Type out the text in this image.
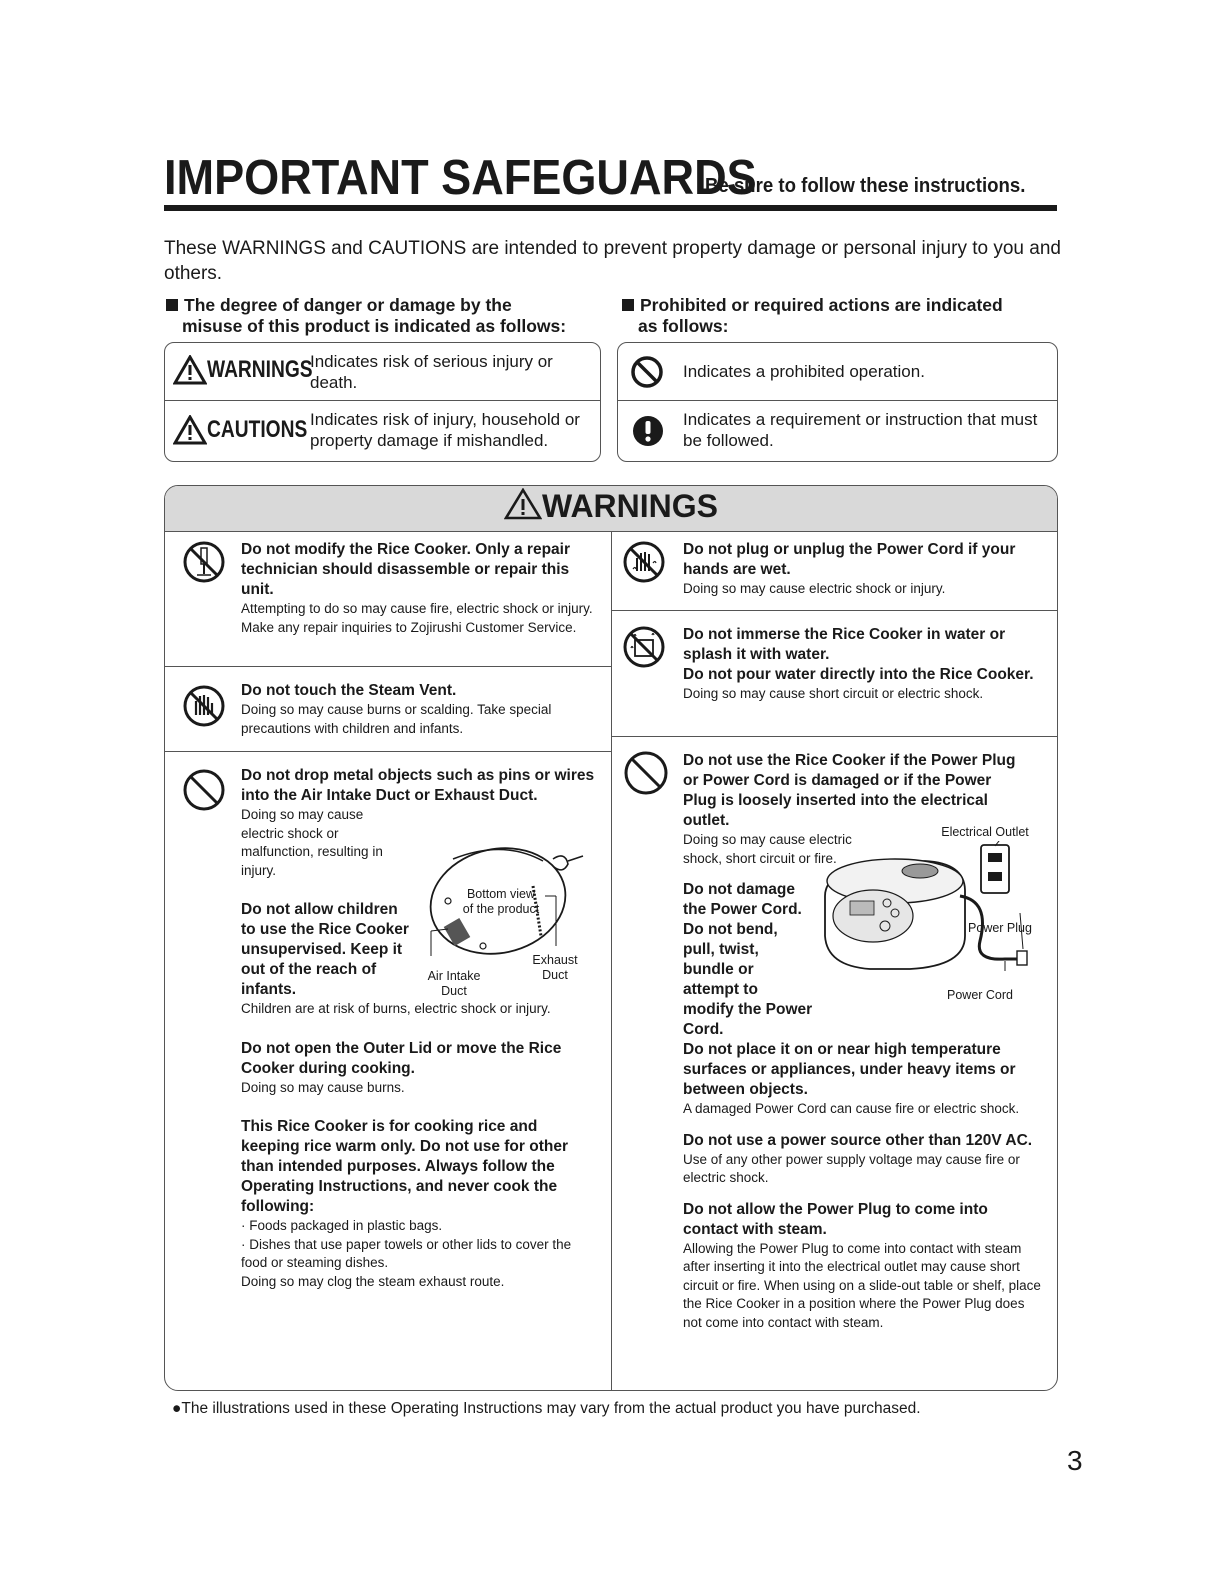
IMPORTANT SAFEGUARDS
Be sure to follow these instructions.
These WARNINGS and CAUTIONS are intended to prevent property damage or personal injury to you and others.
The degree of danger or damage by the
misuse of this product is indicated as follows:
WARNINGS
Indicates risk of serious injury or death.
CAUTIONS Indicates risk of injury, household or property damage if mishandled.
Prohibited or required actions are indicated
as follows:
Indicates a prohibited operation.
Indicates a requirement or instruction that must be followed.
WARNINGS
Do not modify the Rice Cooker. Only a repair technician should disassemble or repair this unit.
Attempting to do so may cause fire, electric shock or injury. Make any repair inquiries to Zojirushi Customer Service.
Do not touch the Steam Vent.
Doing so may cause burns or scalding. Take special precautions with children and infants.
Do not drop metal objects such as pins or wires into the Air Intake Duct or Exhaust Duct.
Doing so may cause electric shock or malfunction, resulting in injury.
Do not allow children to use the Rice Cooker unsupervised. Keep it out of the reach of infants.
Children are at risk of burns, electric shock or injury.
Do not open the Outer Lid or move the Rice Cooker during cooking.
Doing so may cause burns.
This Rice Cooker is for cooking rice and keeping rice warm only. Do not use for other than intended purposes. Always follow the Operating Instructions, and never cook the following:
· Foods packaged in plastic bags.
· Dishes that use paper towels or other lids to cover the food or steaming dishes.
Doing so may clog the steam exhaust route.
Bottom view of the product
Exhaust Duct
Air Intake Duct
Do not plug or unplug the Power Cord if your hands are wet.
Doing so may cause electric shock or injury.
Do not immerse the Rice Cooker in water or splash it with water.
Do not pour water directly into the Rice Cooker.
Doing so may cause short circuit or electric shock.
Do not use the Rice Cooker if the Power Plug or Power Cord is damaged or if the Power Plug is loosely inserted into the electrical outlet.
Doing so may cause electric shock, short circuit or fire.
Do not damage the Power Cord. Do not bend, pull, twist, bundle or attempt to modify the Power Cord.
Do not place it on or near high temperature surfaces or appliances, under heavy items or between objects.
A damaged Power Cord can cause fire or electric shock.
Do not use a power source other than 120V AC.
Use of any other power supply voltage may cause fire or electric shock.
Do not allow the Power Plug to come into contact with steam.
Allowing the Power Plug to come into contact with steam after inserting it into the electrical outlet may cause short circuit or fire. When using on a slide-out table or shelf, place the Rice Cooker in a position where the Power Plug does not come into contact with steam.
Electrical Outlet
Power Plug
Power Cord
●The illustrations used in these Operating Instructions may vary from the actual product you have purchased.
3
